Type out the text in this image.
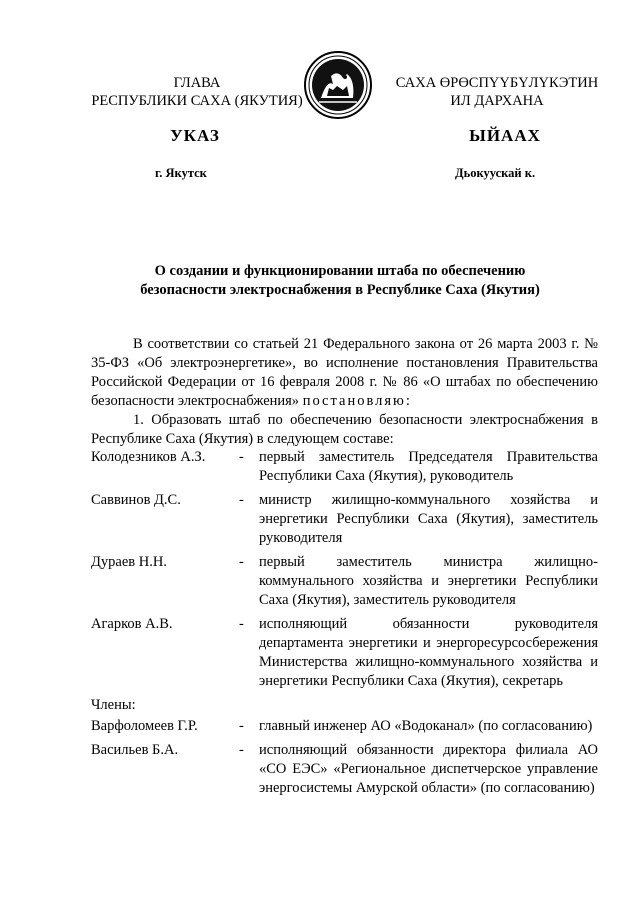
ГЛАВА
РЕСПУБЛИКИ САХА (ЯКУТИЯ)
САХА ӨРӨСПҮҮБҮЛҮКЭТИН
ИЛ ДАРХАНА
УКАЗ	ЫЙААХ
г. Якутск	Дьокуускай к.
О создании и функционировании штаба по обеспечению
безопасности электроснабжения в Республике Саха (Якутия)

В соответствии со статьей 21 Федерального закона от 26 марта 2003 г. № 35-ФЗ «Об электроэнергетике», во исполнение постановления Правительства Российской Федерации от 16 февраля 2008 г. № 86 «О штабах по обеспечению безопасности электроснабжения» постановляю:

1. Образовать штаб по обеспечению безопасности электроснабжения в Республике Саха (Якутия) в следующем составе:

Колодезников А.З.	-	первый заместитель Председателя Правительства Республики Саха (Якутия), руководитель
Саввинов Д.С.	-	министр жилищно-коммунального хозяйства и энергетики Республики Саха (Якутия), заместитель руководителя
Дураев Н.Н.	-	первый заместитель министра жилищно-коммунального хозяйства и энергетики Республики Саха (Якутия), заместитель руководителя
Агарков А.В.	-	исполняющий обязанности руководителя департамента энергетики и энергоресурсосбережения Министерства жилищно-коммунального хозяйства и энергетики Республики Саха (Якутия), секретарь

Члены:

Варфоломеев Г.Р.	-	главный инженер АО «Водоканал» (по согласованию)
Васильев Б.А.	-	исполняющий обязанности директора филиала АО «СО ЕЭС» «Региональное диспетчерское управление энергосистемы Амурской области» (по согласованию)
